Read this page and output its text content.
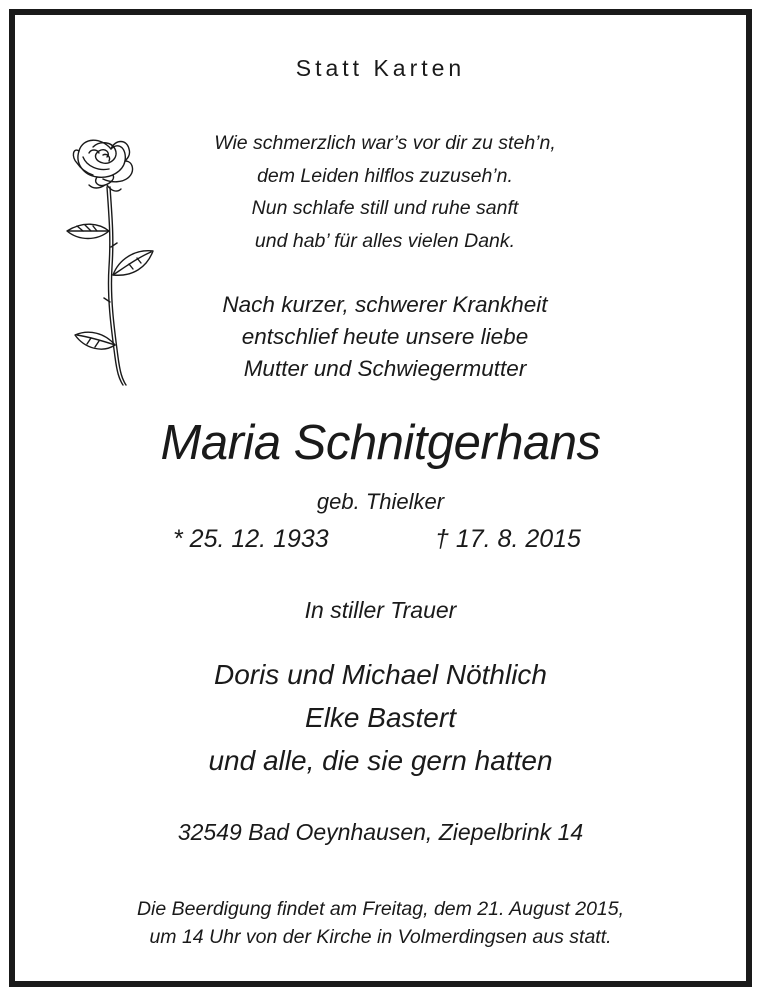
Statt Karten
Wie schmerzlich war’s vor dir zu steh’n,
dem Leiden hilflos zuzuseh’n.
Nun schlafe still und ruhe sanft
und hab’ für alles vielen Dank.
Nach kurzer, schwerer Krankheit
entschlief heute unsere liebe
Mutter und Schwiegermutter
Maria Schnitgerhans
geb. Thielker
* 25. 12. 1933	† 17. 8. 2015
In stiller Trauer
Doris und Michael Nöthlich
Elke Bastert
und alle, die sie gern hatten
32549 Bad Oeynhausen, Ziepelbrink 14
Die Beerdigung findet am Freitag, dem 21. August 2015,
um 14 Uhr von der Kirche in Volmerdingsen aus statt.
